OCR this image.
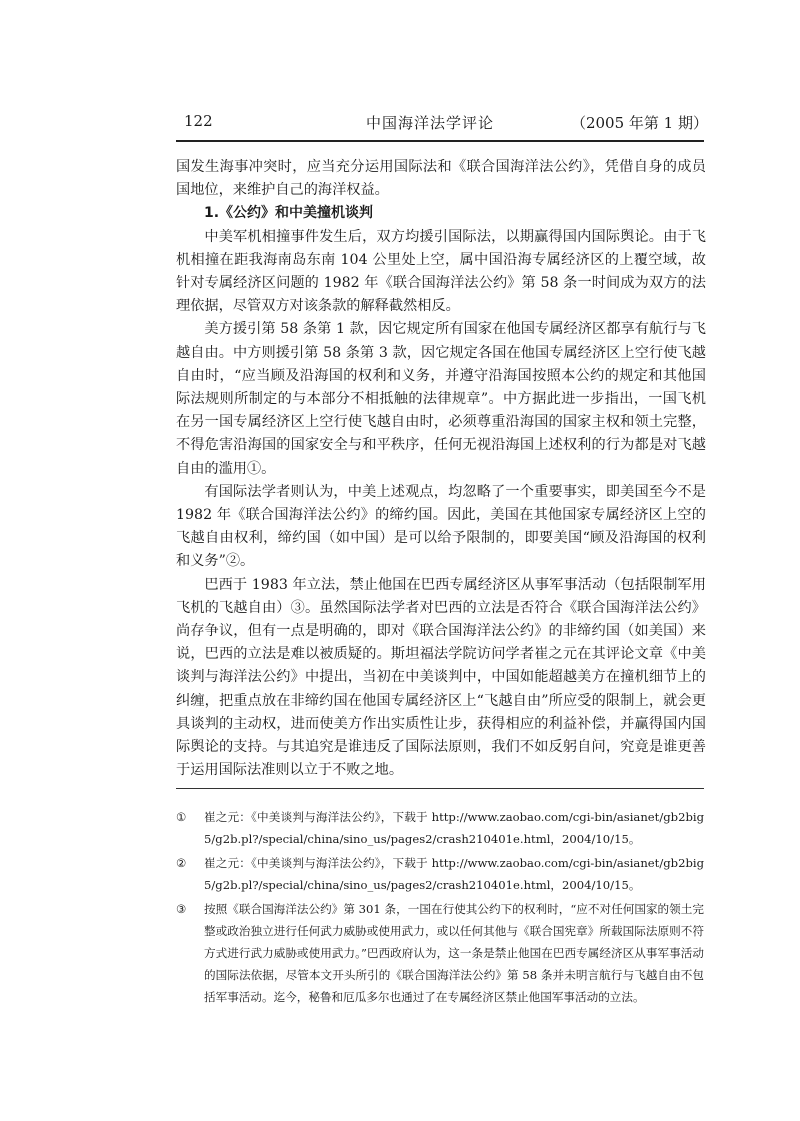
122	中国海洋法学评论	（2005 年第 1 期）

国发生海事冲突时，应当充分运用国际法和《联合国海洋法公约》，凭借自身的成员国地位，来维护自己的海洋权益。

1.《公约》和中美撞机谈判

中美军机相撞事件发生后，双方均援引国际法，以期赢得国内国际舆论。由于飞机相撞在距我海南岛东南 104 公里处上空，属中国沿海专属经济区的上覆空域，故针对专属经济区问题的 1982 年《联合国海洋法公约》第 58 条一时间成为双方的法理依据，尽管双方对该条款的解释截然相反。

美方援引第 58 条第 1 款，因它规定所有国家在他国专属经济区都享有航行与飞越自由。中方则援引第 58 条第 3 款，因它规定各国在他国专属经济区上空行使飞越自由时，“应当顾及沿海国的权利和义务，并遵守沿海国按照本公约的规定和其他国际法规则所制定的与本部分不相抵触的法律规章”。中方据此进一步指出，一国飞机在另一国专属经济区上空行使飞越自由时，必须尊重沿海国的国家主权和领土完整，不得危害沿海国的国家安全与和平秩序，任何无视沿海国上述权利的行为都是对飞越自由的滥用①。

有国际法学者则认为，中美上述观点，均忽略了一个重要事实，即美国至今不是 1982 年《联合国海洋法公约》的缔约国。因此，美国在其他国家专属经济区上空的飞越自由权利，缔约国（如中国）是可以给予限制的，即要美国“顾及沿海国的权利和义务”②。

巴西于 1983 年立法，禁止他国在巴西专属经济区从事军事活动（包括限制军用飞机的飞越自由）③。虽然国际法学者对巴西的立法是否符合《联合国海洋法公约》尚存争议，但有一点是明确的，即对《联合国海洋法公约》的非缔约国（如美国）来说，巴西的立法是难以被质疑的。斯坦福法学院访问学者崔之元在其评论文章《中美谈判与海洋法公约》中提出，当初在中美谈判中，中国如能超越美方在撞机细节上的纠缠，把重点放在非缔约国在他国专属经济区上“飞越自由”所应受的限制上，就会更具谈判的主动权，进而使美方作出实质性让步，获得相应的利益补偿，并赢得国内国际舆论的支持。与其追究是谁违反了国际法原则，我们不如反躬自问，究竟是谁更善于运用国际法准则以立于不败之地。

① 崔之元：《中美谈判与海洋法公约》，下载于 http://www.zaobao.com/cgi-bin/asianet/gb2big5/g2b.pl?/special/china/sino_us/pages2/crash210401e.html，2004/10/15。
② 崔之元：《中美谈判与海洋法公约》，下载于 http://www.zaobao.com/cgi-bin/asianet/gb2big5/g2b.pl?/special/china/sino_us/pages2/crash210401e.html，2004/10/15。
③ 按照《联合国海洋法公约》第 301 条，一国在行使其公约下的权利时，“应不对任何国家的领土完整或政治独立进行任何武力威胁或使用武力，或以任何其他与《联合国宪章》所载国际法原则不符方式进行武力威胁或使用武力。”巴西政府认为，这一条是禁止他国在巴西专属经济区从事军事活动的国际法依据，尽管本文开头所引的《联合国海洋法公约》第 58 条并未明言航行与飞越自由不包括军事活动。迄今，秘鲁和厄瓜多尔也通过了在专属经济区禁止他国军事活动的立法。
